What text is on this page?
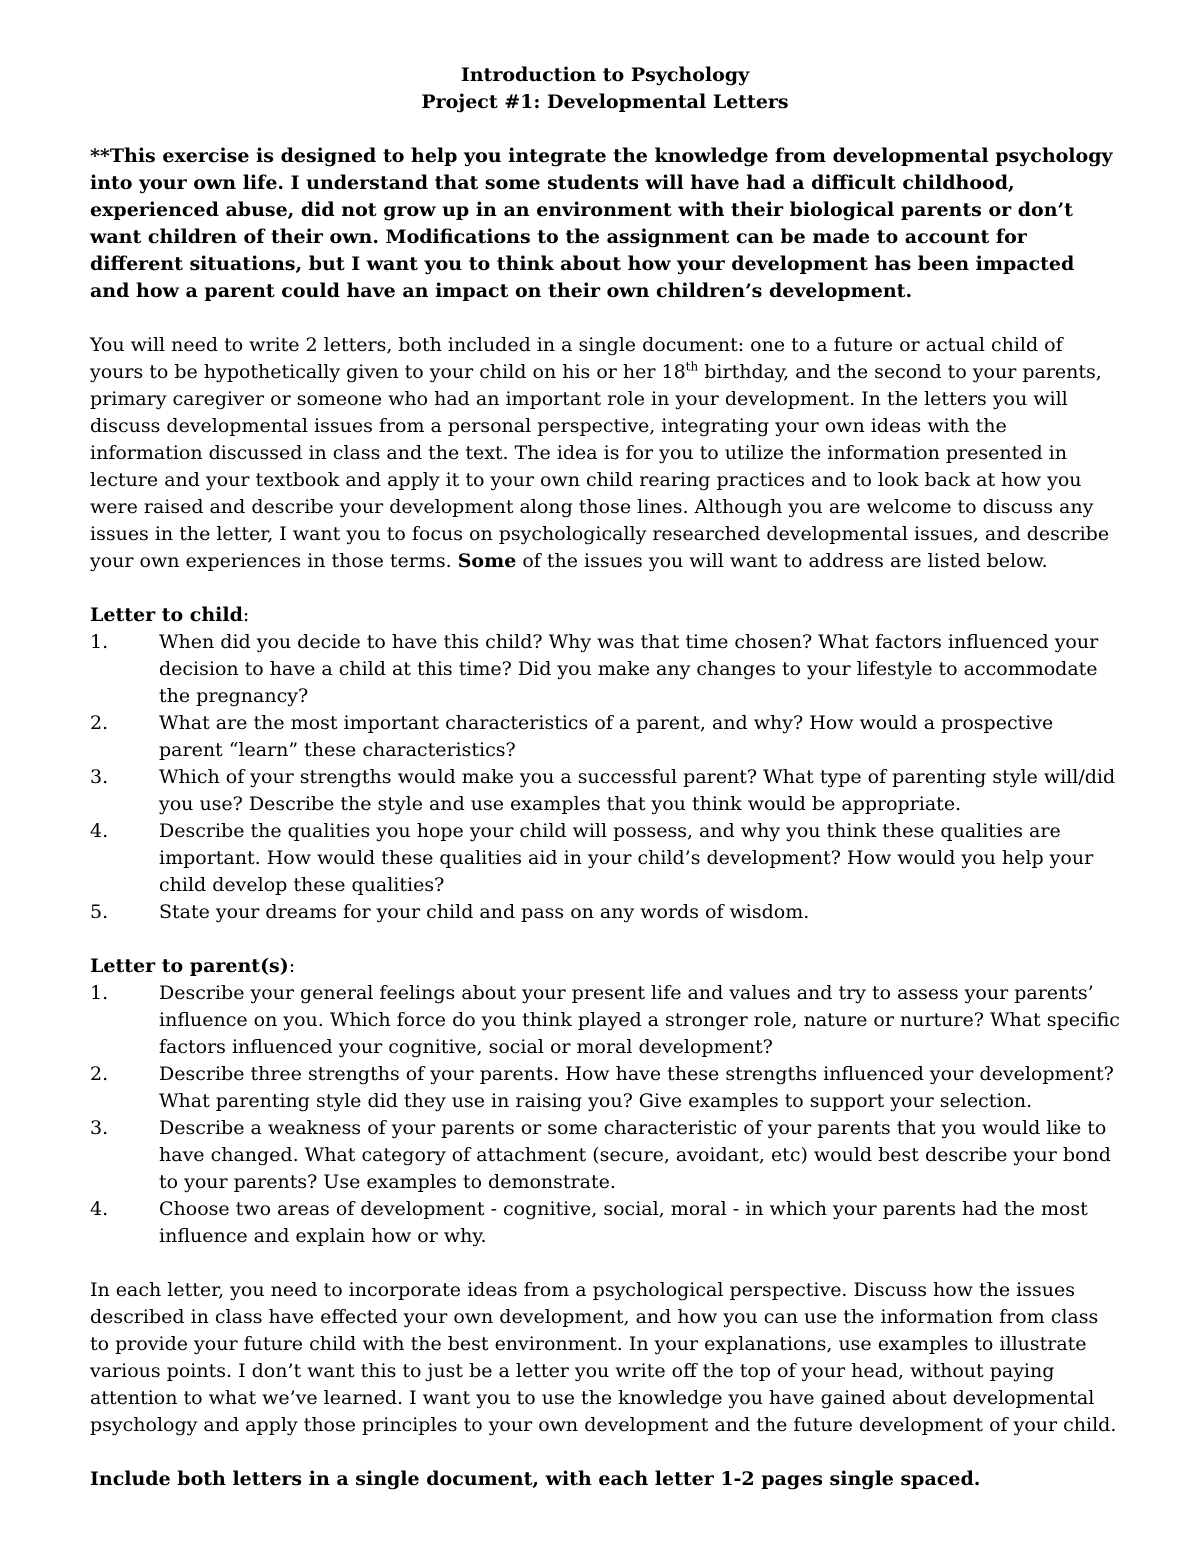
Introduction to Psychology

Project #1: Developmental Letters

**This exercise is designed to help you integrate the knowledge from developmental psychology into your own life. I understand that some students will have had a difficult childhood, experienced abuse, did not grow up in an environment with their biological parents or don’t want children of their own. Modifications to the assignment can be made to account for different situations, but I want you to think about how your development has been impacted and how a parent could have an impact on their own children’s development.

You will need to write 2 letters, both included in a single document: one to a future or actual child of yours to be hypothetically given to your child on his or her 18th birthday, and the second to your parents, primary caregiver or someone who had an important role in your development. In the letters you will discuss developmental issues from a personal perspective, integrating your own ideas with the information discussed in class and the text. The idea is for you to utilize the information presented in lecture and your textbook and apply it to your own child rearing practices and to look back at how you were raised and describe your development along those lines. Although you are welcome to discuss any issues in the letter, I want you to focus on psychologically researched developmental issues, and describe your own experiences in those terms. Some of the issues you will want to address are listed below.

Letter to child:

1.	When did you decide to have this child? Why was that time chosen? What factors influenced your decision to have a child at this time? Did you make any changes to your lifestyle to accommodate the pregnancy?
2.	What are the most important characteristics of a parent, and why? How would a prospective parent “learn” these characteristics?
3.	Which of your strengths would make you a successful parent? What type of parenting style will/did you use? Describe the style and use examples that you think would be appropriate.
4.	Describe the qualities you hope your child will possess, and why you think these qualities are important. How would these qualities aid in your child’s development? How would you help your child develop these qualities?
5.	State your dreams for your child and pass on any words of wisdom.

Letter to parent(s):

1.	Describe your general feelings about your present life and values and try to assess your parents’ influence on you. Which force do you think played a stronger role, nature or nurture? What specific factors influenced your cognitive, social or moral development?
2.	Describe three strengths of your parents. How have these strengths influenced your development? What parenting style did they use in raising you? Give examples to support your selection.
3.	Describe a weakness of your parents or some characteristic of your parents that you would like to have changed. What category of attachment (secure, avoidant, etc) would best describe your bond to your parents? Use examples to demonstrate.
4.	Choose two areas of development - cognitive, social, moral - in which your parents had the most influence and explain how or why.

In each letter, you need to incorporate ideas from a psychological perspective. Discuss how the issues described in class have effected your own development, and how you can use the information from class to provide your future child with the best environment. In your explanations, use examples to illustrate various points. I don’t want this to just be a letter you write off the top of your head, without paying attention to what we’ve learned. I want you to use the knowledge you have gained about developmental psychology and apply those principles to your own development and the future development of your child.

Include both letters in a single document, with each letter 1-2 pages single spaced.
